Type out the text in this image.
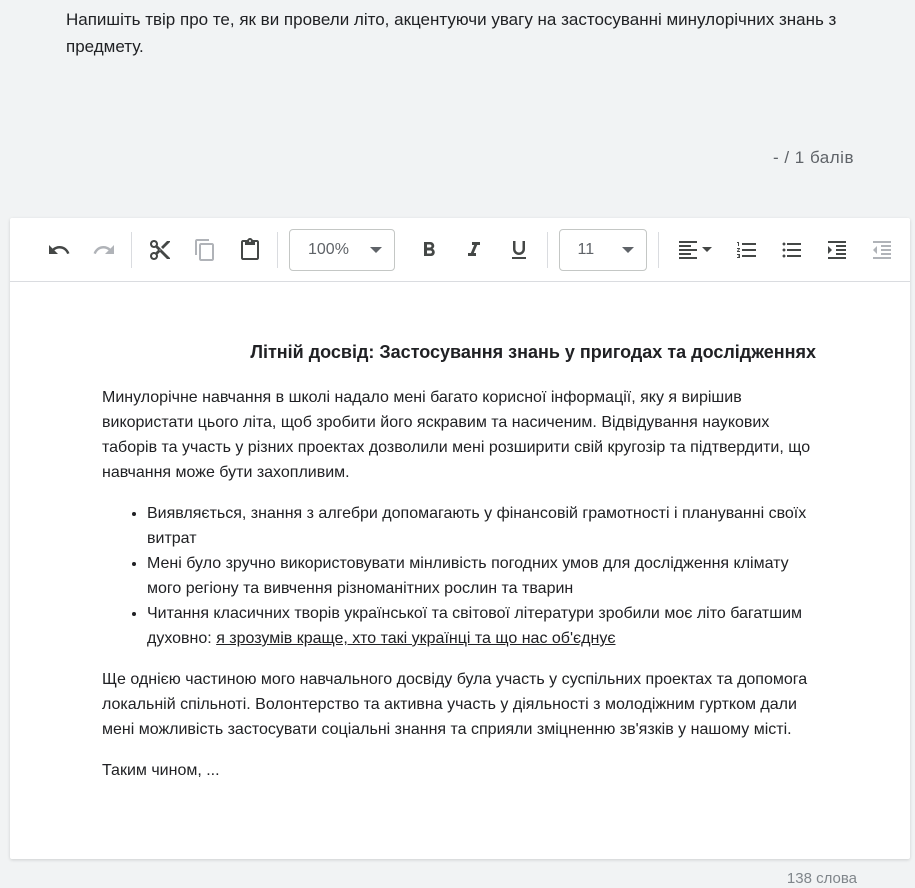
Напишіть твір про те, як ви провели літо, акцентуючи увагу на застосуванні минулорічних знань з предмету.
- / 1 балів
100%	11
Літній досвід: Застосування знань у пригодах та дослідженнях

Минулорічне навчання в школі надало мені багато корисної інформації, яку я вирішив використати цього літа, щоб зробити його яскравим та насиченим. Відвідування наукових таборів та участь у різних проектах дозволили мені розширити свій кругозір та підтвердити, що навчання може бути захопливим.

• Виявляється, знання з алгебри допомагають у фінансовій грамотності і плануванні своїх витрат
• Мені було зручно використовувати мінливість погодних умов для дослідження клімату мого регіону та вивчення різноманітних рослин та тварин
• Читання класичних творів української та світової літератури зробили моє літо багатшим духовно: я зрозумів краще, хто такі українці та що нас об'єднує

Ще однією частиною мого навчального досвіду була участь у суспільних проектах та допомога локальній спільноті. Волонтерство та активна участь у діяльності з молодіжним гуртком дали мені можливість застосувати соціальні знання та сприяли зміцненню зв'язків у нашому місті.

Таким чином, ...

138 слова
